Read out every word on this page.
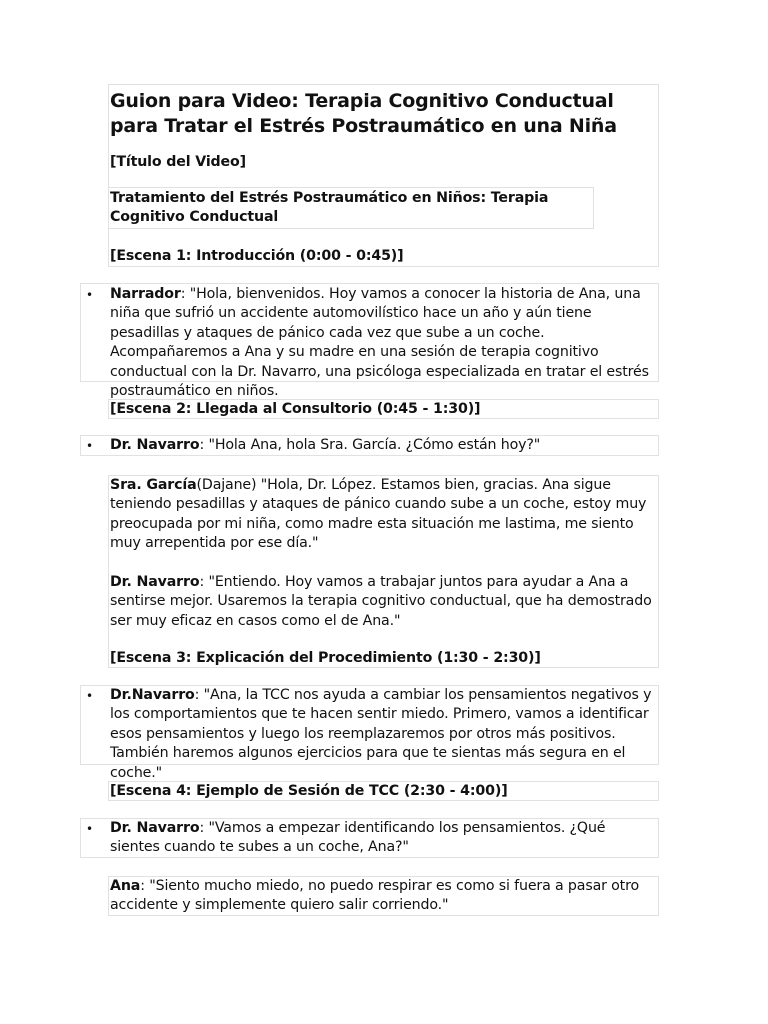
Guion para Video: Terapia Cognitivo Conductual para Tratar el Estrés Postraumático en una Niña
[Título del Video]
Tratamiento del Estrés Postraumático en Niños: Terapia Cognitivo Conductual
[Escena 1: Introducción (0:00 - 0:45)]
• Narrador: "Hola, bienvenidos. Hoy vamos a conocer la historia de Ana, una niña que sufrió un accidente automovilístico hace un año y aún tiene pesadillas y ataques de pánico cada vez que sube a un coche. Acompañaremos a Ana y su madre en una sesión de terapia cognitivo conductual con la Dr. Navarro, una psicóloga especializada en tratar el estrés postraumático en niños.

[Escena 2: Llegada al Consultorio (0:45 - 1:30)]
• Dr. Navarro: "Hola Ana, hola Sra. García. ¿Cómo están hoy?"

Sra. García(Dajane) "Hola, Dr. López. Estamos bien, gracias. Ana sigue teniendo pesadillas y ataques de pánico cuando sube a un coche, estoy muy preocupada por mi niña, como madre esta situación me lastima, me siento muy arrepentida por ese día."

Dr. Navarro: "Entiendo. Hoy vamos a trabajar juntos para ayudar a Ana a sentirse mejor. Usaremos la terapia cognitivo conductual, que ha demostrado ser muy eficaz en casos como el de Ana."

[Escena 3: Explicación del Procedimiento (1:30 - 2:30)]
• Dr.Navarro: "Ana, la TCC nos ayuda a cambiar los pensamientos negativos y los comportamientos que te hacen sentir miedo. Primero, vamos a identificar esos pensamientos y luego los reemplazaremos por otros más positivos. También haremos algunos ejercicios para que te sientas más segura en el coche."

[Escena 4: Ejemplo de Sesión de TCC (2:30 - 4:00)]
• Dr. Navarro: "Vamos a empezar identificando los pensamientos. ¿Qué sientes cuando te subes a un coche, Ana?"

Ana: "Siento mucho miedo, no puedo respirar es como si fuera a pasar otro accidente y simplemente quiero salir corriendo."
